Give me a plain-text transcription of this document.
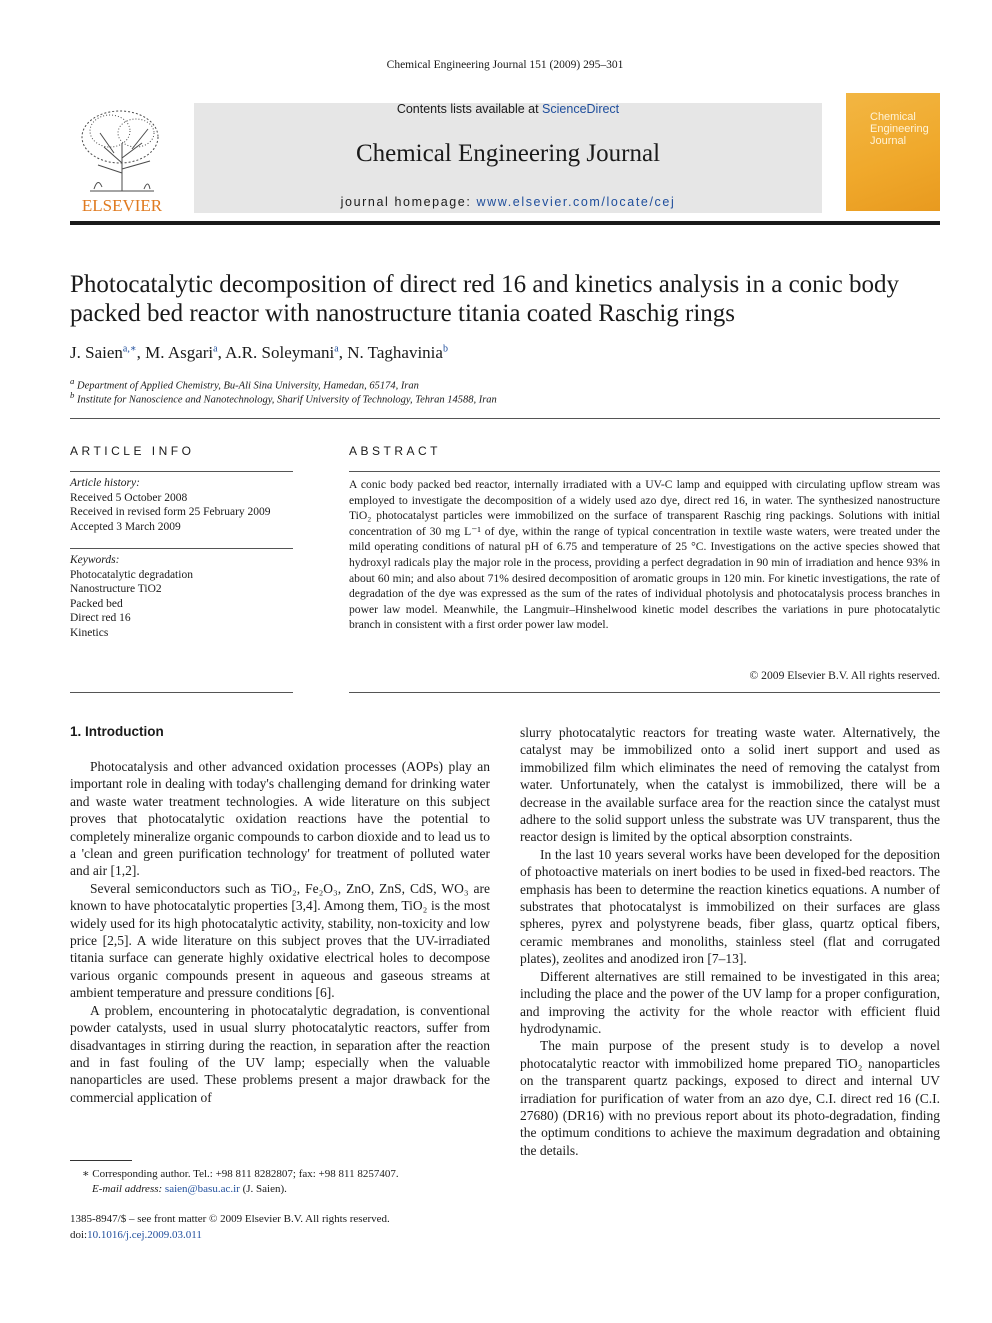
Chemical Engineering Journal 151 (2009) 295–301
ELSEVIER
Contents lists available at ScienceDirect
Chemical Engineering Journal
journal homepage: www.elsevier.com/locate/cej
Chemical
Engineering
Journal
Photocatalytic decomposition of direct red 16 and kinetics analysis in a conic body packed bed reactor with nanostructure titania coated Raschig rings
J. Saien$^{a,∗}$, M. Asgari$^a$, A.R. Soleymani$^a$, N. Taghavinia$^b$
$^a$ Department of Applied Chemistry, Bu-Ali Sina University, Hamedan, 65174, Iran
$^b$ Institute for Nanoscience and Nanotechnology, Sharif University of Technology, Tehran 14588, Iran
ARTICLE INFO	ABSTRACT
Article history:
Received 5 October 2008
Received in revised form 25 February 2009
Accepted 3 March 2009
Keywords:
Photocatalytic degradation
Nanostructure TiO2
Packed bed
Direct red 16
Kinetics

A conic body packed bed reactor, internally irradiated with a UV-C lamp and equipped with circulating upflow stream was employed to investigate the decomposition of a widely used azo dye, direct red 16, in water. The synthesized nanostructure TiO₂ photocatalyst particles were immobilized on the surface of transparent Raschig ring packings. Solutions with initial concentration of 30 mg L⁻¹ of dye, within the range of typical concentration in textile waste waters, were treated under the mild operating conditions of natural pH of 6.75 and temperature of 25 °C. Investigations on the active species showed that hydroxyl radicals play the major role in the process, providing a perfect degradation in 90 min of irradiation and hence 93% in about 60 min; and also about 71% desired decomposition of aromatic groups in 120 min. For kinetic investigations, the rate of degradation of the dye was expressed as the sum of the rates of individual photolysis and photocatalysis process branches in power law model. Meanwhile, the Langmuir–Hinshelwood kinetic model describes the variations in pure photocatalytic branch in consistent with a first order power law model.

© 2009 Elsevier B.V. All rights reserved.
1. Introduction

Photocatalysis and other advanced oxidation processes (AOPs) play an important role in dealing with today's challenging demand for drinking water and waste water treatment technologies. A wide literature on this subject proves that photocatalytic oxidation reactions have the potential to completely mineralize organic compounds to carbon dioxide and to lead us to a 'clean and green purification technology' for treatment of polluted water and air [1,2].

Several semiconductors such as TiO₂, Fe₂O₃, ZnO, ZnS, CdS, WO₃ are known to have photocatalytic properties [3,4]. Among them, TiO₂ is the most widely used for its high photocatalytic activity, stability, non-toxicity and low price [2,5]. A wide literature on this subject proves that the UV-irradiated titania surface can generate highly oxidative electrical holes to decompose various organic compounds present in aqueous and gaseous streams at ambient temperature and pressure conditions [6].

A problem, encountering in photocatalytic degradation, is conventional powder catalysts, used in usual slurry photocatalytic reactors, suffer from disadvantages in stirring during the reaction, in separation after the reaction and in fast fouling of the UV lamp; especially when the valuable nanoparticles are used. These problems present a major drawback for the commercial application of

slurry photocatalytic reactors for treating waste water. Alternatively, the catalyst may be immobilized onto a solid inert support and used as immobilized film which eliminates the need of removing the catalyst from water. Unfortunately, when the catalyst is immobilized, there will be a decrease in the available surface area for the reaction since the catalyst must adhere to the solid support unless the substrate was UV transparent, thus the reactor design is limited by the optical absorption constraints.

In the last 10 years several works have been developed for the deposition of photoactive materials on inert bodies to be used in fixed-bed reactors. The emphasis has been to determine the reaction kinetics equations. A number of substrates that photocatalyst is immobilized on their surfaces are glass spheres, pyrex and polystyrene beads, fiber glass, quartz optical fibers, ceramic membranes and monoliths, stainless steel (flat and corrugated plates), zeolites and anodized iron [7–13].

Different alternatives are still remained to be investigated in this area; including the place and the power of the UV lamp for a proper configuration, and improving the activity for the whole reactor with efficient fluid hydrodynamic.

The main purpose of the present study is to develop a novel photocatalytic reactor with immobilized home prepared TiO₂ nanoparticles on the transparent quartz packings, exposed to direct and internal UV irradiation for purification of water from an azo dye, C.I. direct red 16 (C.I. 27680) (DR16) with no previous report about its photo-degradation, finding the optimum conditions to achieve the maximum degradation and obtaining the details.

∗ Corresponding author. Tel.: +98 811 8282807; fax: +98 811 8257407.
E-mail address: saien@basu.ac.ir (J. Saien).
1385-8947/$ – see front matter © 2009 Elsevier B.V. All rights reserved.
doi:10.1016/j.cej.2009.03.011
